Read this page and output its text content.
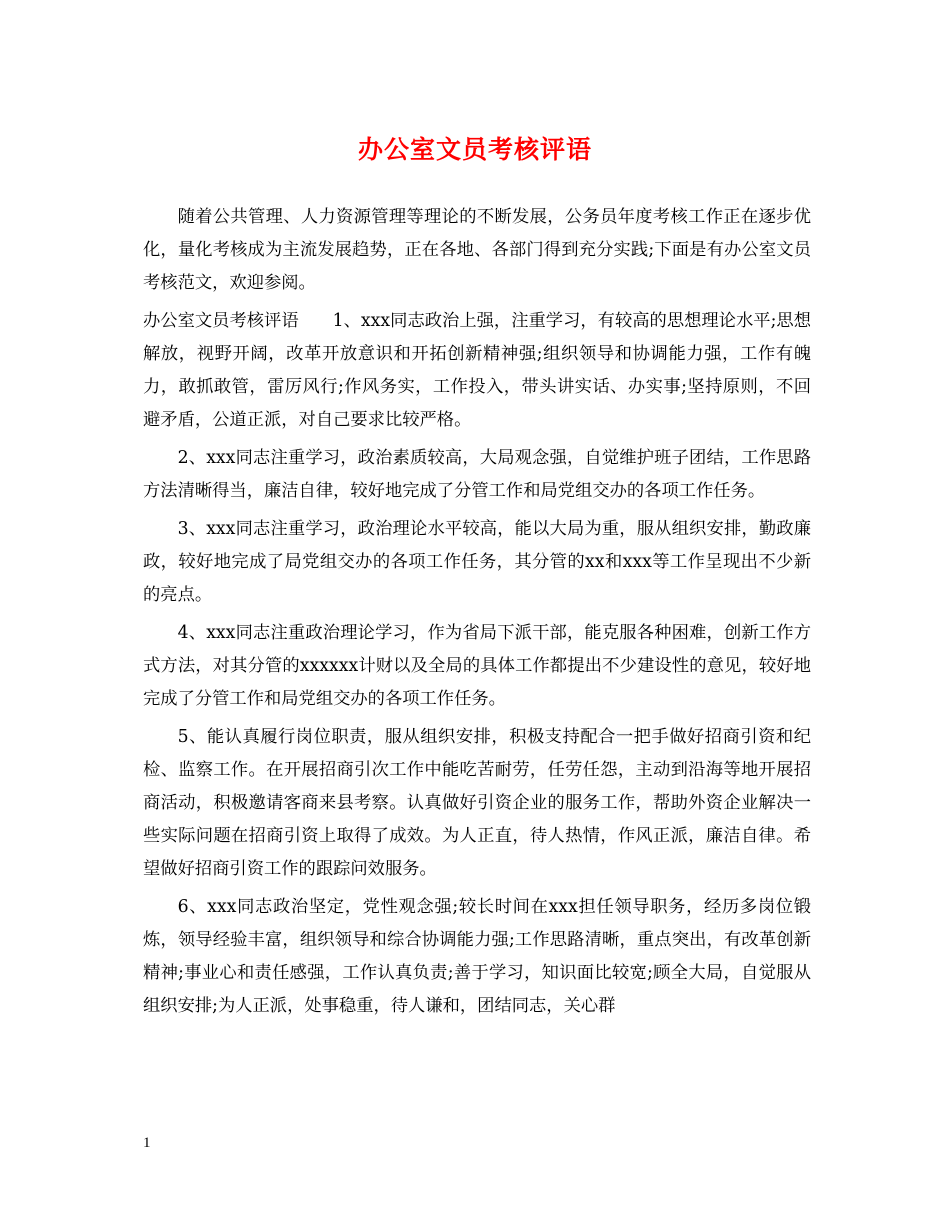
办公室文员考核评语

随着公共管理、人力资源管理等理论的不断发展，公务员年度考核工作正在逐步优化，量化考核成为主流发展趋势，正在各地、各部门得到充分实践;下面是有办公室文员考核范文，欢迎参阅。

办公室文员考核评语 1、xxx同志政治上强，注重学习，有较高的思想理论水平;思想解放，视野开阔，改革开放意识和开拓创新精神强;组织领导和协调能力强，工作有魄力，敢抓敢管，雷厉风行;作风务实，工作投入，带头讲实话、办实事;坚持原则，不回避矛盾，公道正派，对自己要求比较严格。

2、xxx同志注重学习，政治素质较高，大局观念强，自觉维护班子团结，工作思路方法清晰得当，廉洁自律，较好地完成了分管工作和局党组交办的各项工作任务。

3、xxx同志注重学习，政治理论水平较高，能以大局为重，服从组织安排，勤政廉政，较好地完成了局党组交办的各项工作任务，其分管的xx和xxx等工作呈现出不少新的亮点。

4、xxx同志注重政治理论学习，作为省局下派干部，能克服各种困难，创新工作方式方法，对其分管的xxxxxx计财以及全局的具体工作都提出不少建设性的意见，较好地完成了分管工作和局党组交办的各项工作任务。

5、能认真履行岗位职责，服从组织安排，积极支持配合一把手做好招商引资和纪检、监察工作。在开展招商引次工作中能吃苦耐劳，任劳任怨，主动到沿海等地开展招商活动，积极邀请客商来县考察。认真做好引资企业的服务工作，帮助外资企业解决一些实际问题在招商引资上取得了成效。为人正直，待人热情，作风正派，廉洁自律。希望做好招商引资工作的跟踪问效服务。

6、xxx同志政治坚定，党性观念强;较长时间在xxx担任领导职务，经历多岗位锻炼，领导经验丰富，组织领导和综合协调能力强;工作思路清晰，重点突出，有改革创新精神;事业心和责任感强，工作认真负责;善于学习，知识面比较宽;顾全大局，自觉服从组织安排;为人正派，处事稳重，待人谦和，团结同志，关心群

1
